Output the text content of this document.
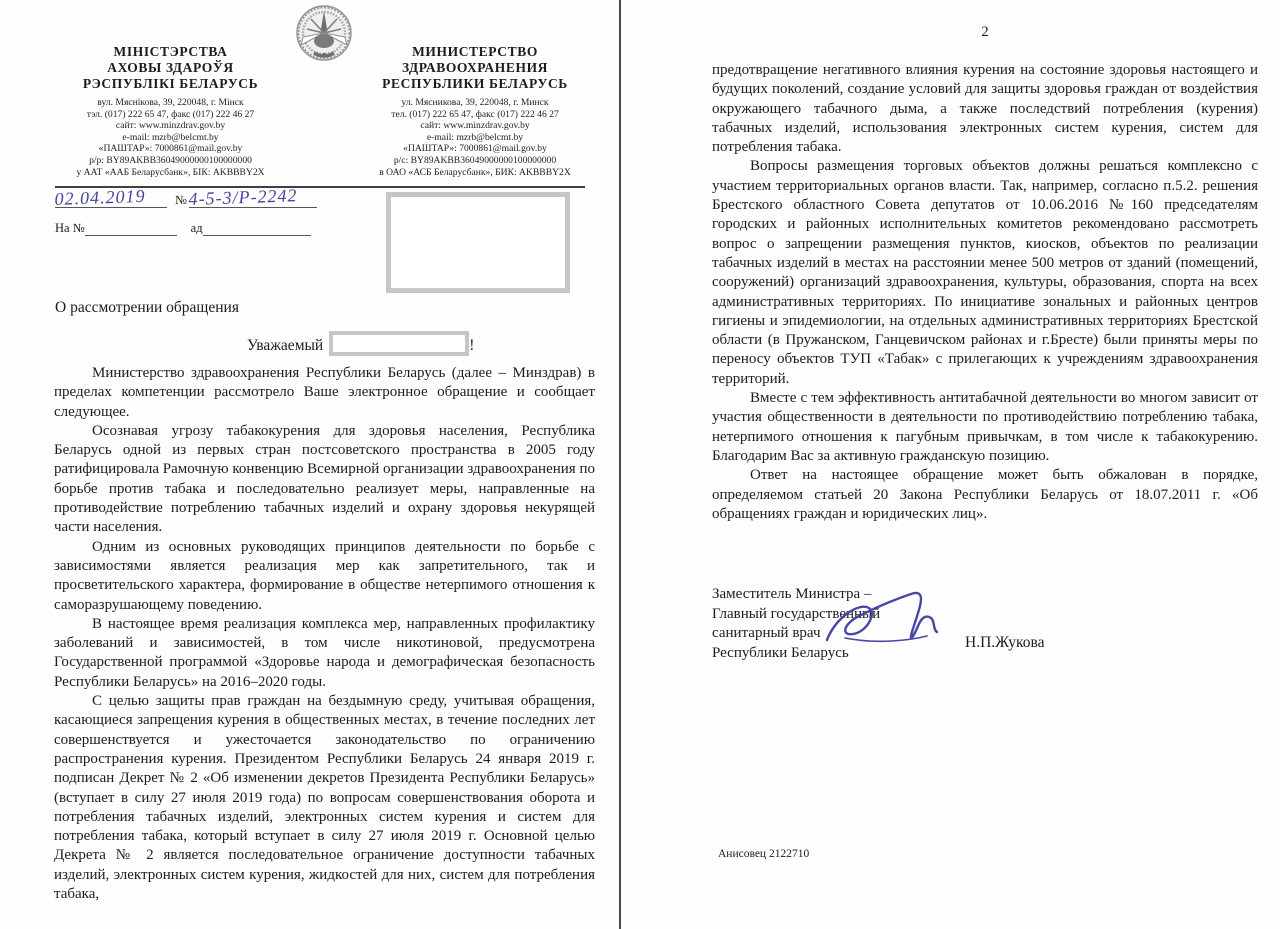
МІНІСТЭРСТВА
АХОВЫ ЗДАРОЎЯ
РЭСПУБЛІКІ БЕЛАРУСЬ
вул. Мяснікова, 39, 220048, г. Мінск
тэл. (017) 222 65 47, факс (017) 222 46 27
сайт: www.minzdrav.gov.by
e-mail: mzrb@belcmt.by
«ПАШТАР»: 7000861@mail.gov.by
р/р: BY89AKBB36049000000100000000
у ААТ «ААБ Беларусбанк», БІК: AKBBBY2X
МИНИСТЕРСТВО
ЗДРАВООХРАНЕНИЯ
РЕСПУБЛИКИ БЕЛАРУСЬ
ул. Мясникова, 39, 220048, г. Минск
тел. (017) 222 65 47, факс (017) 222 46 27
сайт: www.minzdrav.gov.by
e-mail: mzrb@belcmt.by
«ПАШТАР»: 7000861@mail.gov.by
р/с: BY89AKBB36049000000100000000
в ОАО «АСБ Беларусбанк», БИК: AKBBBY2X
02.04.2019 №4-5-3/Р-2242
На №	ад
О рассмотрении обращения
Уважаемый	!

Министерство здравоохранения Республики Беларусь (далее – Минздрав) в пределах компетенции рассмотрело Ваше электронное обращение и сообщает следующее.

Осознавая угрозу табакокурения для здоровья населения, Республика Беларусь одной из первых стран постсоветского пространства в 2005 году ратифицировала Рамочную конвенцию Всемирной организации здравоохранения по борьбе против табака и последовательно реализует меры, направленные на противодействие потреблению табачных изделий и охрану здоровья некурящей части населения.

Одним из основных руководящих принципов деятельности по борьбе с зависимостями является реализация мер как запретительного, так и просветительского характера, формирование в обществе нетерпимого отношения к саморазрушающему поведению.

В настоящее время реализация комплекса мер, направленных профилактику заболеваний и зависимостей, в том числе никотиновой, предусмотрена Государственной программой «Здоровье народа и демографическая безопасность Республики Беларусь» на 2016–2020 годы.

С целью защиты прав граждан на бездымную среду, учитывая обращения, касающиеся запрещения курения в общественных местах, в течение последних лет совершенствуется и ужесточается законодательство по ограничению распространения курения. Президентом Республики Беларусь 24 января 2019 г. подписан Декрет № 2 «Об изменении декретов Президента Республики Беларусь» (вступает в силу 27 июля 2019 года) по вопросам совершенствования оборота и потребления табачных изделий, электронных систем курения и систем для потребления табака, который вступает в силу 27 июля 2019 г. Основной целью Декрета № 2 является последовательное ограничение доступности табачных изделий, электронных систем курения, жидкостей для них, систем для потребления табака,

2

предотвращение негативного влияния курения на состояние здоровья настоящего и будущих поколений, создание условий для защиты здоровья граждан от воздействия окружающего табачного дыма, а также последствий потребления (курения) табачных изделий, использования электронных систем курения, систем для потребления табака.

Вопросы размещения торговых объектов должны решаться комплексно с участием территориальных органов власти. Так, например, согласно п.5.2. решения Брестского областного Совета депутатов от 10.06.2016 №160 председателям городских и районных исполнительных комитетов рекомендовано рассмотреть вопрос о запрещении размещения пунктов, киосков, объектов по реализации табачных изделий в местах на расстоянии менее 500 метров от зданий (помещений, сооружений) организаций здравоохранения, культуры, образования, спорта на всех административных территориях. По инициативе зональных и районных центров гигиены и эпидемиологии, на отдельных административных территориях Брестской области (в Пружанском, Ганцевичском районах и г.Бресте) были приняты меры по переносу объектов ТУП «Табак» с прилегающих к учреждениям здравоохранения территорий.

Вместе с тем эффективность антитабачной деятельности во многом зависит от участия общественности в деятельности по противодействию потреблению табака, нетерпимого отношения к пагубным привычкам, в том числе к табакокурению. Благодарим Вас за активную гражданскую позицию.

Ответ на настоящее обращение может быть обжалован в порядке, определяемом статьей 20 Закона Республики Беларусь от 18.07.2011 г. «Об обращениях граждан и юридических лиц».

Заместитель Министра –
Главный государственный
санитарный врач
Республики Беларусь
Н.П.Жукова
Анисовец 2122710
